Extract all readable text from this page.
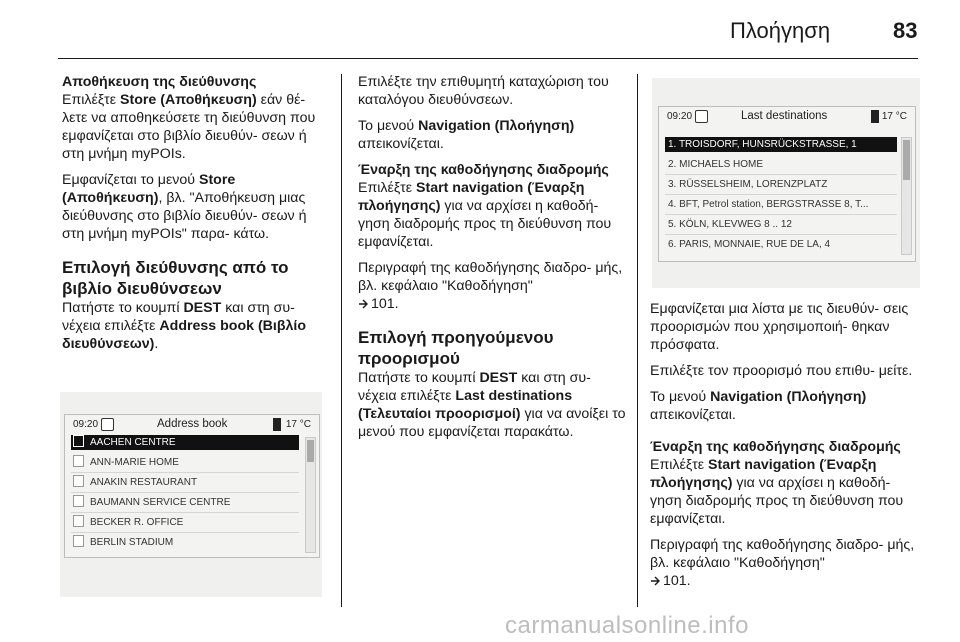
Πλοήγηση	83
Αποθήκευση της διεύθυνσης

Επιλέξτε Store (Αποθήκευση) εάν θέ- λετε να αποθηκεύσετε τη διεύθυνση που εμφανίζεται στο βιβλίο διευθύν- σεων ή στη μνήμη myPOIs.

Εμφανίζεται το μενού Store (Αποθήκευση), βλ. "Αποθήκευση μιας διεύθυνσης στο βιβλίο διευθύν- σεων ή στη μνήμη myPOIs" παρα- κάτω.

Επιλογή διεύθυνσης από το βιβλίο διευθύνσεων

Πατήστε το κουμπί DEST και στη συ- νέχεια επιλέξτε Address book (Βιβλίο διευθύνσεων).

09:20	Address book	17 °C
AACHEN CENTRE
ANN-MARIE HOME
ANAKIN RESTAURANT
BAUMANN SERVICE CENTRE
BECKER R. OFFICE
BERLIN STADIUM

Επιλέξτε την επιθυμητή καταχώριση του καταλόγου διευθύνσεων.

Το μενού Navigation (Πλοήγηση) απεικονίζεται.

Έναρξη της καθοδήγησης διαδρομής

Επιλέξτε Start navigation (Έναρξη πλοήγησης) για να αρχίσει η καθοδή- γηση διαδρομής προς τη διεύθυνση που εμφανίζεται.

Περιγραφή της καθοδήγησης διαδρο- μής, βλ. κεφάλαιο "Καθοδήγηση"
101.

Επιλογή προηγούμενου προορισμού

Πατήστε το κουμπί DEST και στη συ- νέχεια επιλέξτε Last destinations (Τελευταίοι προορισμοί) για να ανοίξει το μενού που εμφανίζεται παρακάτω.

09:20	Last destinations	17 °C
1. TROISDORF, HUNSRÜCKSTRASSE, 1
2. MICHAELS HOME
3. RÜSSELSHEIM, LORENZPLATZ
4. BFT, Petrol station, BERGSTRASSE 8, T...
5. KÖLN, KLEVWEG 8 .. 12
6. PARIS, MONNAIE, RUE DE LA, 4

Εμφανίζεται μια λίστα με τις διευθύν- σεις προορισμών που χρησιμοποιή- θηκαν πρόσφατα.

Επιλέξτε τον προορισμό που επιθυ- μείτε.

Το μενού Navigation (Πλοήγηση) απεικονίζεται.

Έναρξη της καθοδήγησης διαδρομής

Επιλέξτε Start navigation (Έναρξη πλοήγησης) για να αρχίσει η καθοδή- γηση διαδρομής προς τη διεύθυνση που εμφανίζεται.

Περιγραφή της καθοδήγησης διαδρο- μής, βλ. κεφάλαιο "Καθοδήγηση"
101.

carmanualsonline.info
